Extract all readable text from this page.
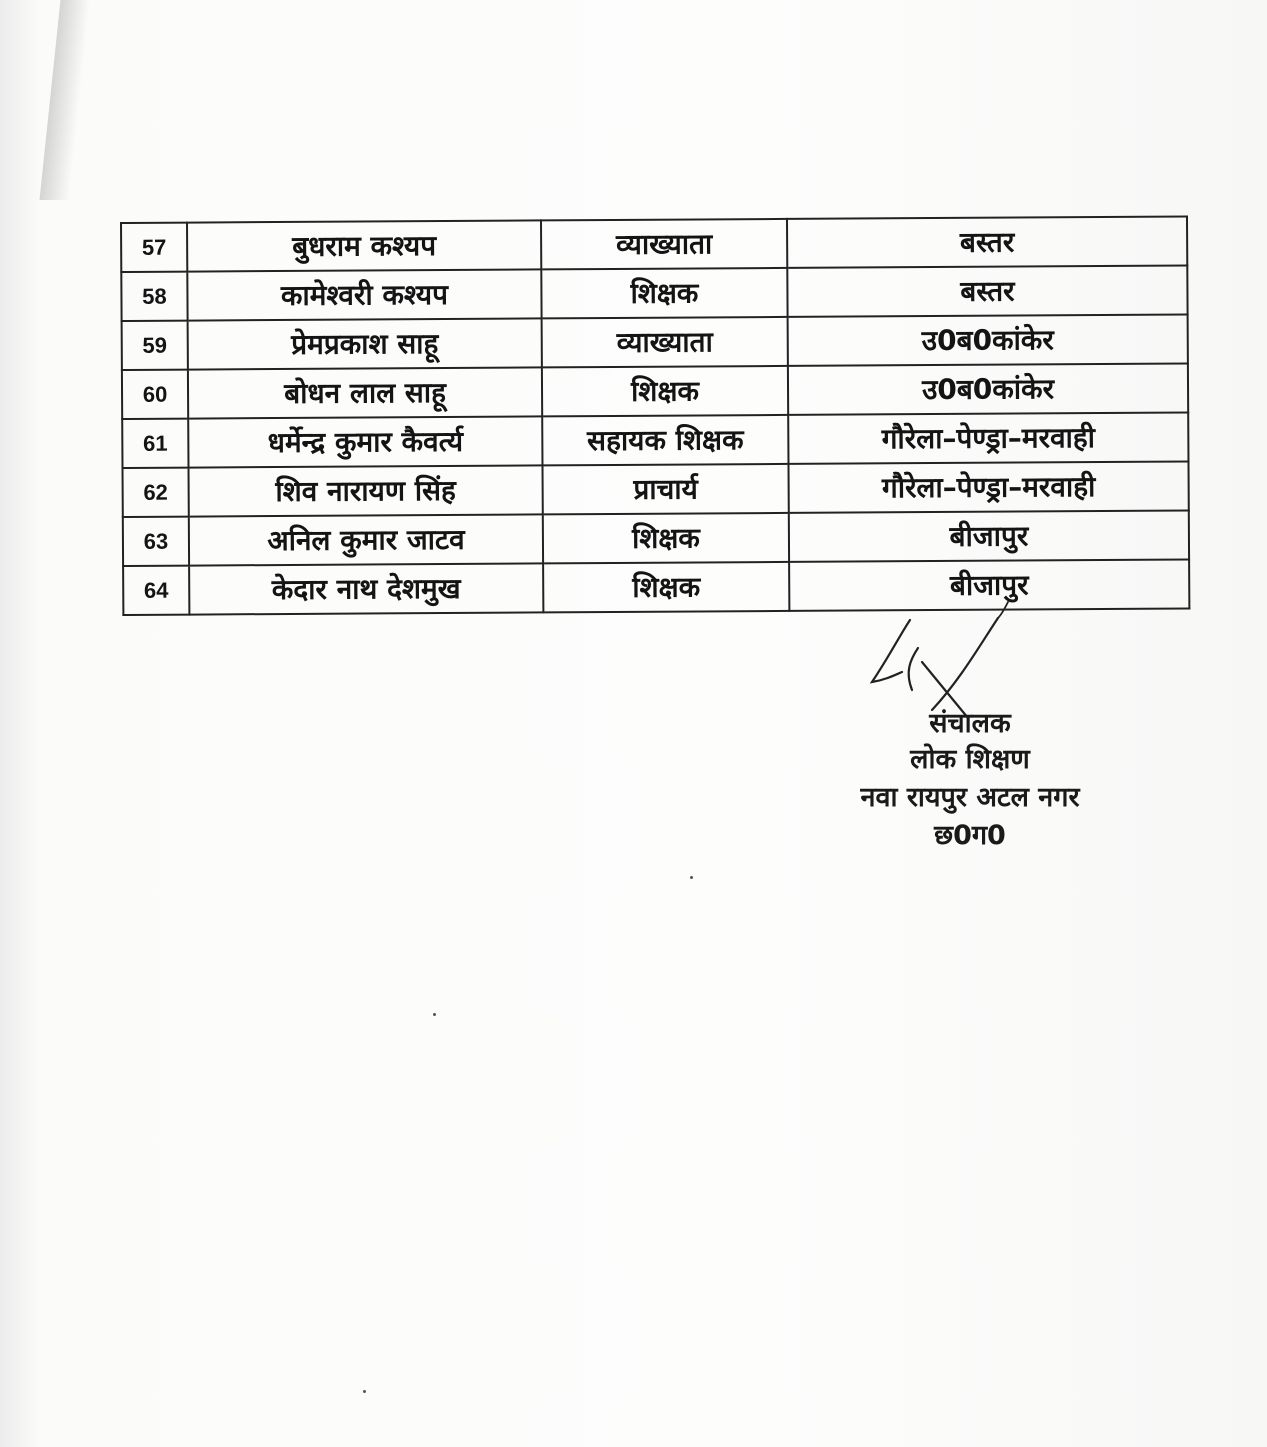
57	बुधराम कश्यप	व्याख्याता	बस्तर
58	कामेश्वरी कश्यप	शिक्षक	बस्तर
59	प्रेमप्रकाश साहू	व्याख्याता	उ0ब0कांकेर
60	बोधन लाल साहू	शिक्षक	उ0ब0कांकेर
61	धर्मेन्द्र कुमार कैवर्त्य	सहायक शिक्षक	गौरेला–पेण्ड्रा–मरवाही
62	शिव नारायण सिंह	प्राचार्य	गौरेला–पेण्ड्रा–मरवाही
63	अनिल कुमार जाटव	शिक्षक	बीजापुर
64	केदार नाथ देशमुख	शिक्षक	बीजापुर
संचालक
लोक शिक्षण
नवा रायपुर अटल नगर
छ0ग0
